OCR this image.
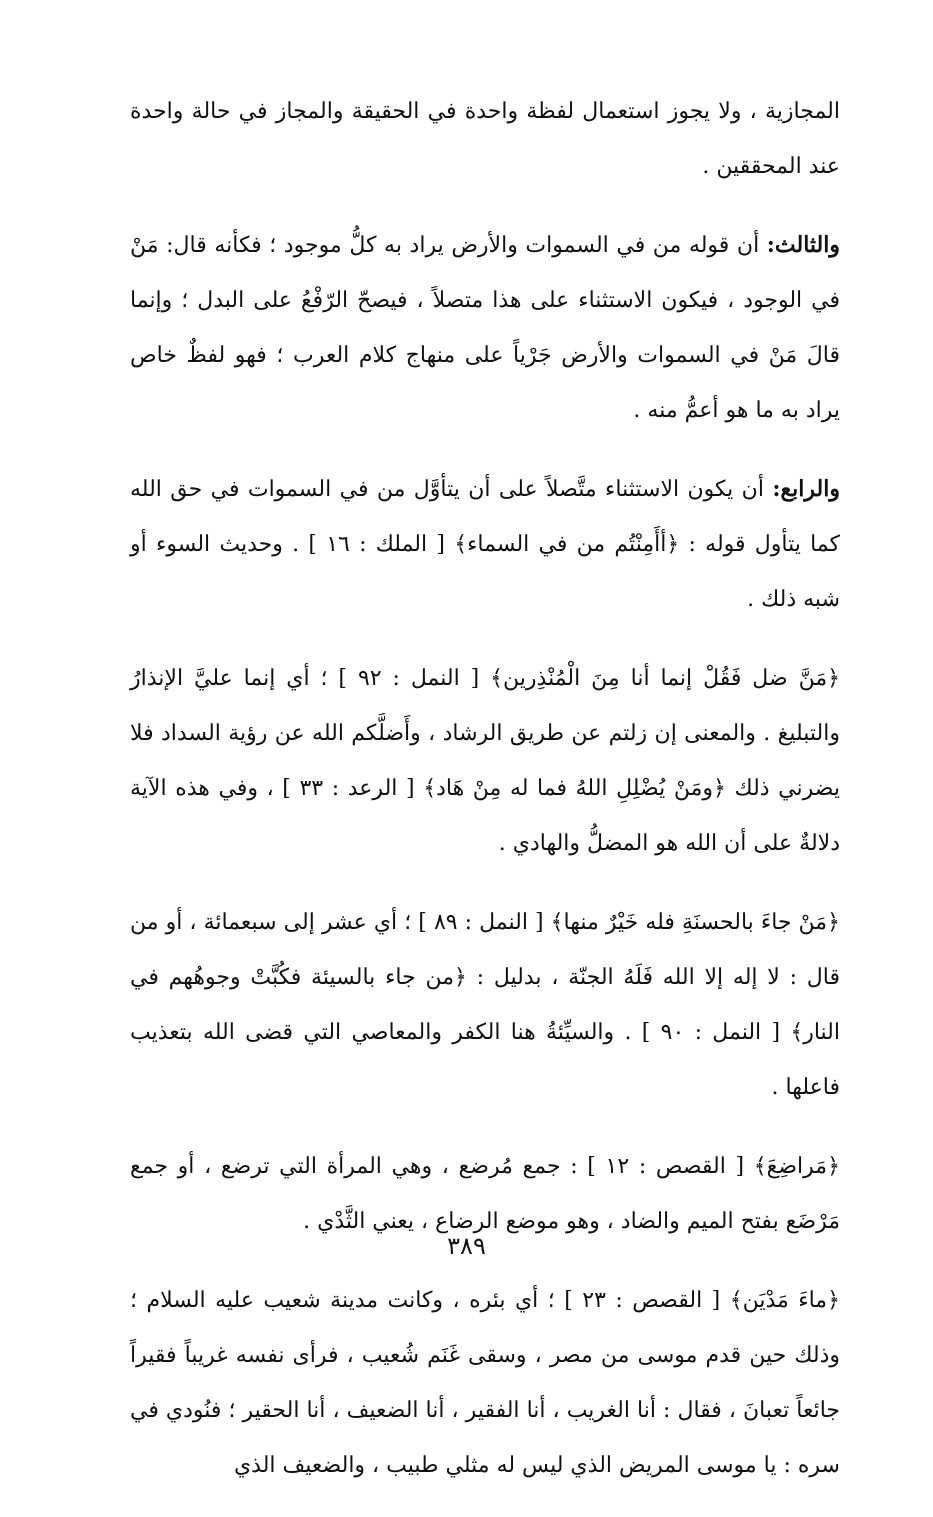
المجازية ، ولا يجوز استعمال لفظة واحدة في الحقيقة والمجاز في حالة واحدة عند المحققين .

والثالث: أن قوله من في السموات والأرض يراد به كلُّ موجود ؛ فكأنه قال: مَنْ في الوجود ، فيكون الاستثناء على هذا متصلاً ، فيصحّ الرّفْعُ على البدل ؛ وإنما قالَ مَنْ في السموات والأرض جَرْياً على منهاج كلام العرب ؛ فهو لفظٌ خاص يراد به ما هو أعمُّ منه .

والرابع: أن يكون الاستثناء متَّصلاً على أن يتأوَّل من في السموات في حق الله كما يتأول قوله : ﴿أأَمِنْتُم من في السماء﴾ [ الملك : ١٦ ] . وحديث السوء أو شبه ذلك .

﴿مَنَّ ضل فَقُلْ إنما أنا مِنَ الْمُنْذِرين﴾ [ النمل : ٩٢ ] ؛ أي إنما عليَّ الإنذارُ والتبليغ . والمعنى إن زلتم عن طريق الرشاد ، وأَضلَّكم الله عن رؤية السداد فلا يضرني ذلك ﴿ومَنْ يُضْلِلِ اللهُ فما له مِنْ هَاد﴾ [ الرعد : ٣٣ ] ، وفي هذه الآية دلالةٌ على أن الله هو المضلُّ والهادي .

﴿مَنْ جاءَ بالحسنَةِ فله خَيْرٌ منها﴾ [ النمل : ٨٩ ] ؛ أي عشر إلى سبعمائة ، أو من قال : لا إله إلا الله فَلَهُ الجنّة ، بدليل : ﴿من جاء بالسيئة فكُبَّتْ وجوهُهم في النار﴾ [ النمل : ٩٠ ] . والسيِّئةُ هنا الكفر والمعاصي التي قضى الله بتعذيب فاعلها .

﴿مَراضِعَ﴾ [ القصص : ١٢ ] : جمع مُرضع ، وهي المرأة التي ترضع ، أو جمع مَرْضَع بفتح الميم والضاد ، وهو موضع الرضاع ، يعني الثَّدْي .

﴿ماءَ مَدْيَن﴾ [ القصص : ٢٣ ] ؛ أي بئره ، وكانت مدينة شعيب عليه السلام ؛ وذلك حين قدم موسى من مصر ، وسقى غَنَم شُعيب ، فرأى نفسه غريباً فقيراً جائعاً تعبانَ ، فقال : أنا الغريب ، أنا الفقير ، أنا الضعيف ، أنا الحقير ؛ فنُودي في سره : يا موسى المريض الذي ليس له مثلي طبيب ، والضعيف الذي

٣٨٩
